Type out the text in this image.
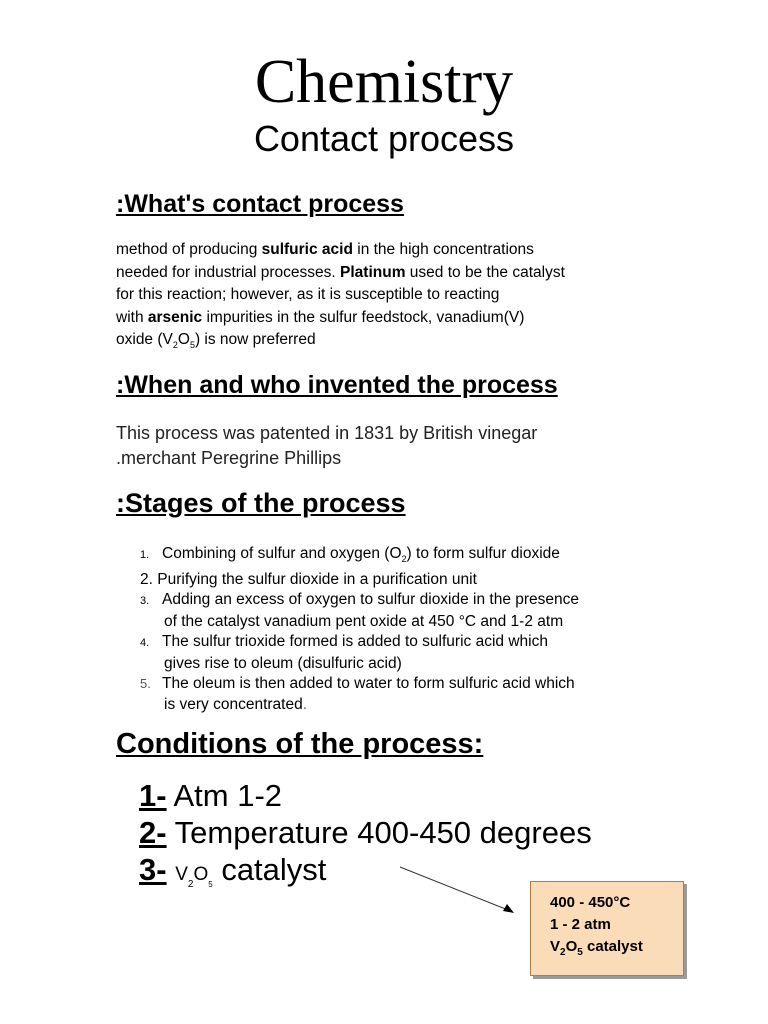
Chemistry
Contact process
:What's contact process
method of producing sulfuric acid in the high concentrations
needed for industrial processes. Platinum used to be the catalyst
for this reaction; however, as it is susceptible to reacting
with arsenic impurities in the sulfur feedstock, vanadium(V)
oxide $(V_2O_5)$ is now preferred
:When and who invented the process
This process was patented in 1831 by British vinegar
.merchant Peregrine Phillips
:Stages of the process
1. Combining of sulfur and oxygen $(O_2)$ to form sulfur dioxide
2. Purifying the sulfur dioxide in a purification unit
3. Adding an excess of oxygen to sulfur dioxide in the presence
of the catalyst vanadium pent oxide at 450 °C and 1-2 atm
4. The sulfur trioxide formed is added to sulfuric acid which
gives rise to oleum (disulfuric acid)
5. The oleum is then added to water to form sulfuric acid which
is very concentrated.
Conditions of the process:
1- Atm 1-2
2- Temperature 400-450 degrees
3- $V_2O_5$ catalyst
400 - 450°C
1 - 2 atm
$V_2O_5$ catalyst
